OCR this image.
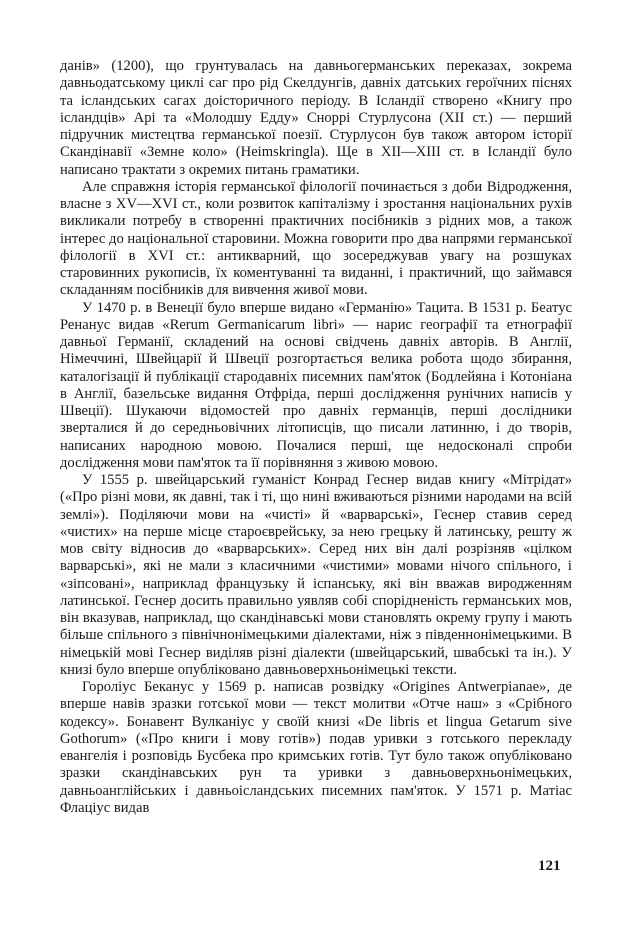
данів» (1200), що грунтувалась на давньогерманських переказах, зокрема давньодатському циклі саг про рід Скелдунгів, давніх датських героїчних піснях та ісландських сагах доісторичного періоду. В Ісландії створено «Книгу про ісландців» Арі та «Молодшу Едду» Сноррі Стурлусона (XII ст.) — перший підручник мистецтва германської поезії. Стурлусон був також автором історії Скандінавії «Земне коло» (Heimskringla). Ще в XII—XIII ст. в Ісландії було написано трактати з окремих питань граматики.

Але справжня історія германської філології починається з доби Відродження, власне з XV—XVI ст., коли розвиток капіталізму і зростання національних рухів викликали потребу в створенні практичних посібників з рідних мов, а також інтерес до національної старовини. Можна говорити про два напрями германської філології в XVI ст.: антикварний, що зосереджував увагу на розшуках старовинних рукописів, їх коментуванні та виданні, і практичний, що займався складанням посібників для вивчення живої мови.

У 1470 р. в Венеції було вперше видано «Германію» Тацита. В 1531 р. Беатус Ренанус видав «Rerum Germanicarum libri» — нарис географії та етнографії давньої Германії, складений на основі свідчень давніх авторів. В Англії, Німеччині, Швейцарії й Швеції розгортається велика робота щодо збирання, каталогізації й публікації стародавніх писемних пам'яток (Бодлейяна і Котоніана в Англії, базельське видання Отфріда, перші дослідження рунічних написів у Швеції). Шукаючи відомостей про давніх германців, перші дослідники зверталися й до середньовічних літописців, що писали латинню, і до творів, написаних народною мовою. Почалися перші, ще недосконалі спроби дослідження мови пам'яток та її порівняння з живою мовою.

У 1555 р. швейцарський гуманіст Конрад Геснер видав книгу «Мітрідат» («Про різні мови, як давні, так і ті, що нині вживаються різними народами на всій землі»). Поділяючи мови на «чисті» й «варварські», Геснер ставив серед «чистих» на перше місце староєврейську, за нею грецьку й латинську, решту ж мов світу відносив до «варварських». Серед них він далі розрізняв «цілком варварські», які не мали з класичними «чистими» мовами нічого спільного, і «зіпсовані», наприклад французьку й іспанську, які він вважав виродженням латинської. Геснер досить правильно уявляв собі спорідненість германських мов, він вказував, наприклад, що скандінавські мови становлять окрему групу і мають більше спільного з північнонімецькими діалектами, ніж з південнонімецькими. В німецькій мові Геснер виділяв різні діалекти (швейцарський, швабські та ін.). У книзі було вперше опубліковано давньоверхньонімецькі тексти.

Гороліус Беканус у 1569 р. написав розвідку «Origines Antwerpianae», де вперше навів зразки готської мови — текст молитви «Отче наш» з «Срібного кодексу». Бонавент Вулканіус у своїй книзі «De libris et lingua Getarum sive Gothorum» («Про книги і мову готів») подав уривки з готського перекладу евангелія і розповідь Бусбека про кримських готів. Тут було також опубліковано зразки скандінавських рун та уривки з давньоверхньонімецьких, давньоанглійських і давньоісландських писемних пам'яток. У 1571 р. Матіас Флаціус видав

121
